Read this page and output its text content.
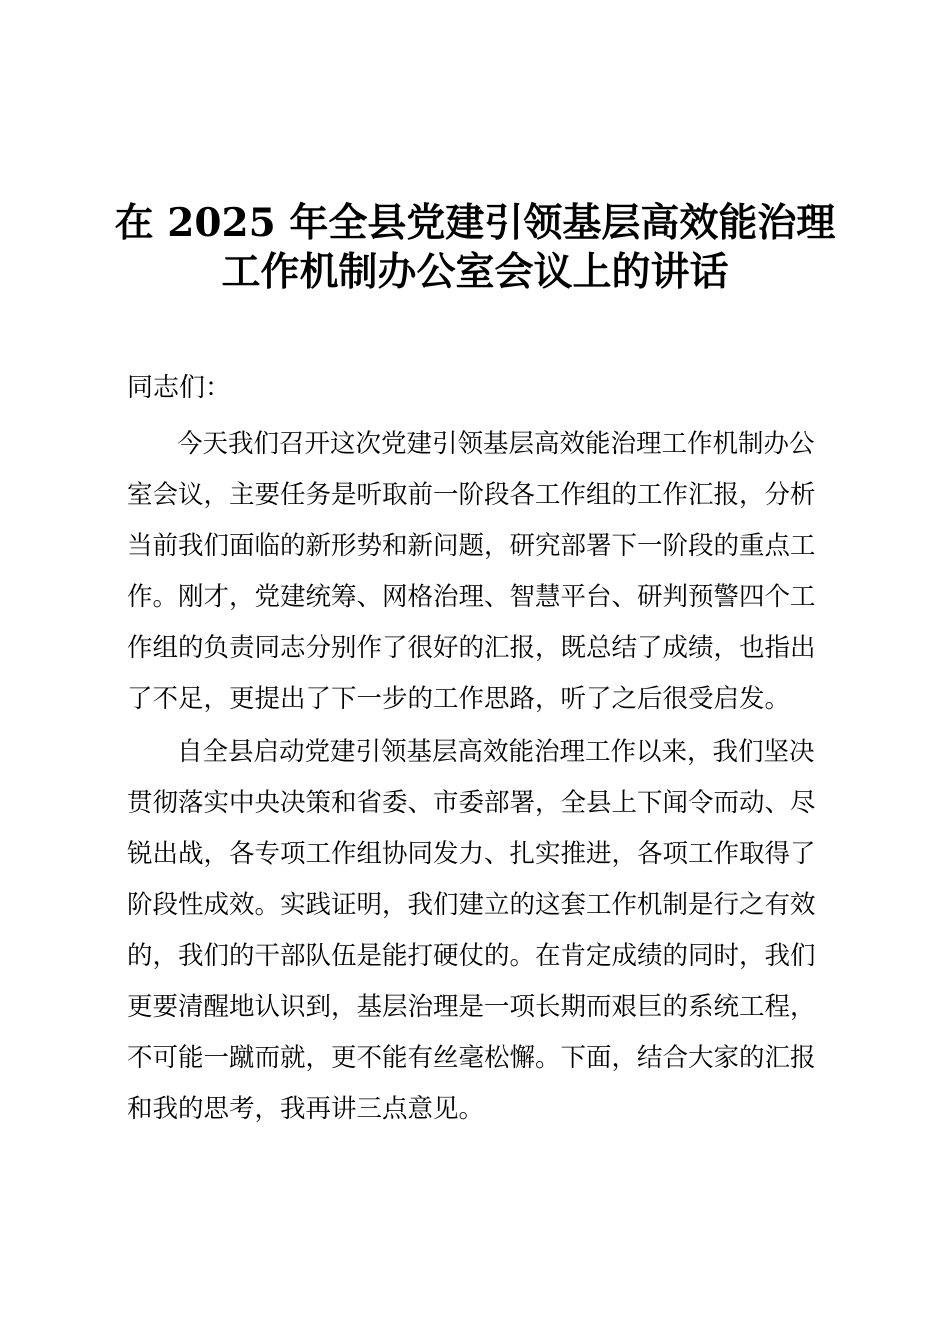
在 2025 年全县党建引领基层高效能治理
工作机制办公室会议上的讲话
同志们：
今天我们召开这次党建引领基层高效能治理工作机制办公
室会议，主要任务是听取前一阶段各工作组的工作汇报，分析
当前我们面临的新形势和新问题，研究部署下一阶段的重点工
作。刚才，党建统筹、网格治理、智慧平台、研判预警四个工
作组的负责同志分别作了很好的汇报，既总结了成绩，也指出
了不足，更提出了下一步的工作思路，听了之后很受启发。
自全县启动党建引领基层高效能治理工作以来，我们坚决
贯彻落实中央决策和省委、市委部署，全县上下闻令而动、尽
锐出战，各专项工作组协同发力、扎实推进，各项工作取得了
阶段性成效。实践证明，我们建立的这套工作机制是行之有效
的，我们的干部队伍是能打硬仗的。在肯定成绩的同时，我们
更要清醒地认识到，基层治理是一项长期而艰巨的系统工程，
不可能一蹴而就，更不能有丝毫松懈。下面，结合大家的汇报
和我的思考，我再讲三点意见。
